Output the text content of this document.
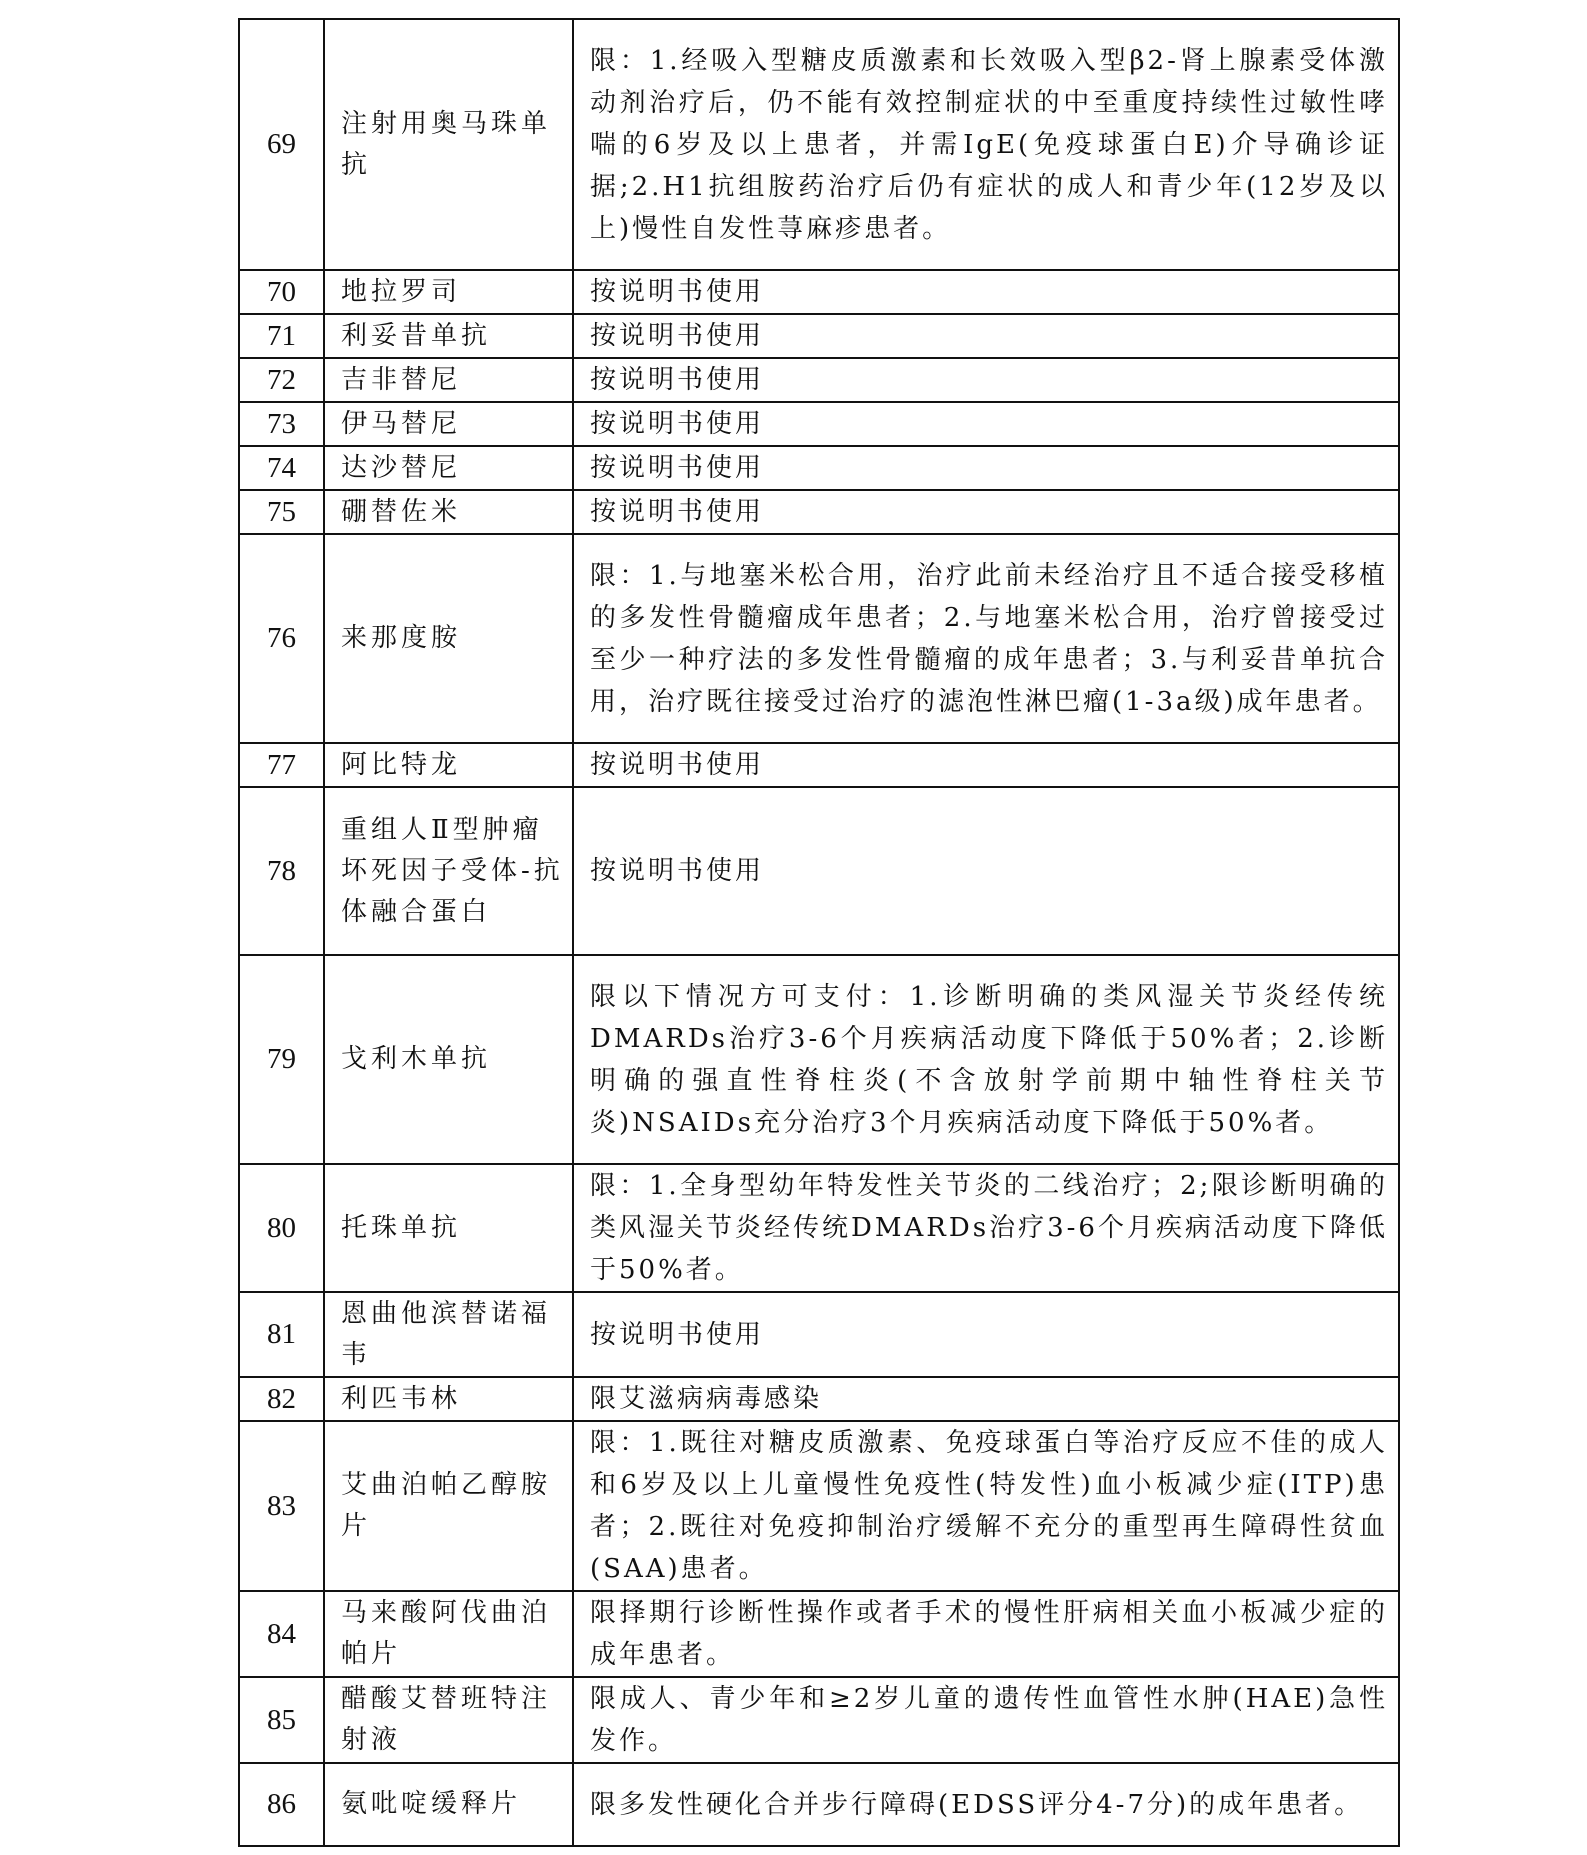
69	注射用奥马珠单抗	限：1.经吸入型糖皮质激素和长效吸入型β2-肾上腺素受体激动剂治疗后，仍不能有效控制症状的中至重度持续性过敏性哮喘的6岁及以上患者，并需IgE(免疫球蛋白E)介导确诊证据;2.H1抗组胺药治疗后仍有症状的成人和青少年(12岁及以上)慢性自发性荨麻疹患者。
70	地拉罗司	按说明书使用
71	利妥昔单抗	按说明书使用
72	吉非替尼	按说明书使用
73	伊马替尼	按说明书使用
74	达沙替尼	按说明书使用
75	硼替佐米	按说明书使用
76	来那度胺	限：1.与地塞米松合用，治疗此前未经治疗且不适合接受移植的多发性骨髓瘤成年患者；2.与地塞米松合用，治疗曾接受过至少一种疗法的多发性骨髓瘤的成年患者；3.与利妥昔单抗合用，治疗既往接受过治疗的滤泡性淋巴瘤(1-3a级)成年患者。
77	阿比特龙	按说明书使用
78	重组人Ⅱ型肿瘤坏死因子受体-抗体融合蛋白	按说明书使用
79	戈利木单抗	限以下情况方可支付：1.诊断明确的类风湿关节炎经传统DMARDs治疗3-6个月疾病活动度下降低于50%者；2.诊断明确的强直性脊柱炎(不含放射学前期中轴性脊柱关节炎)NSAIDs充分治疗3个月疾病活动度下降低于50%者。
80	托珠单抗	限：1.全身型幼年特发性关节炎的二线治疗；2;限诊断明确的类风湿关节炎经传统DMARDs治疗3-6个月疾病活动度下降低于50%者。
81	恩曲他滨替诺福韦	按说明书使用
82	利匹韦林	限艾滋病病毒感染
83	艾曲泊帕乙醇胺片	限：1.既往对糖皮质激素、免疫球蛋白等治疗反应不佳的成人和6岁及以上儿童慢性免疫性(特发性)血小板减少症(ITP)患者；2.既往对免疫抑制治疗缓解不充分的重型再生障碍性贫血(SAA)患者。
84	马来酸阿伐曲泊帕片	限择期行诊断性操作或者手术的慢性肝病相关血小板减少症的成年患者。
85	醋酸艾替班特注射液	限成人、青少年和≥2岁儿童的遗传性血管性水肿(HAE)急性发作。
86	氨吡啶缓释片	限多发性硬化合并步行障碍(EDSS评分4-7分)的成年患者。
